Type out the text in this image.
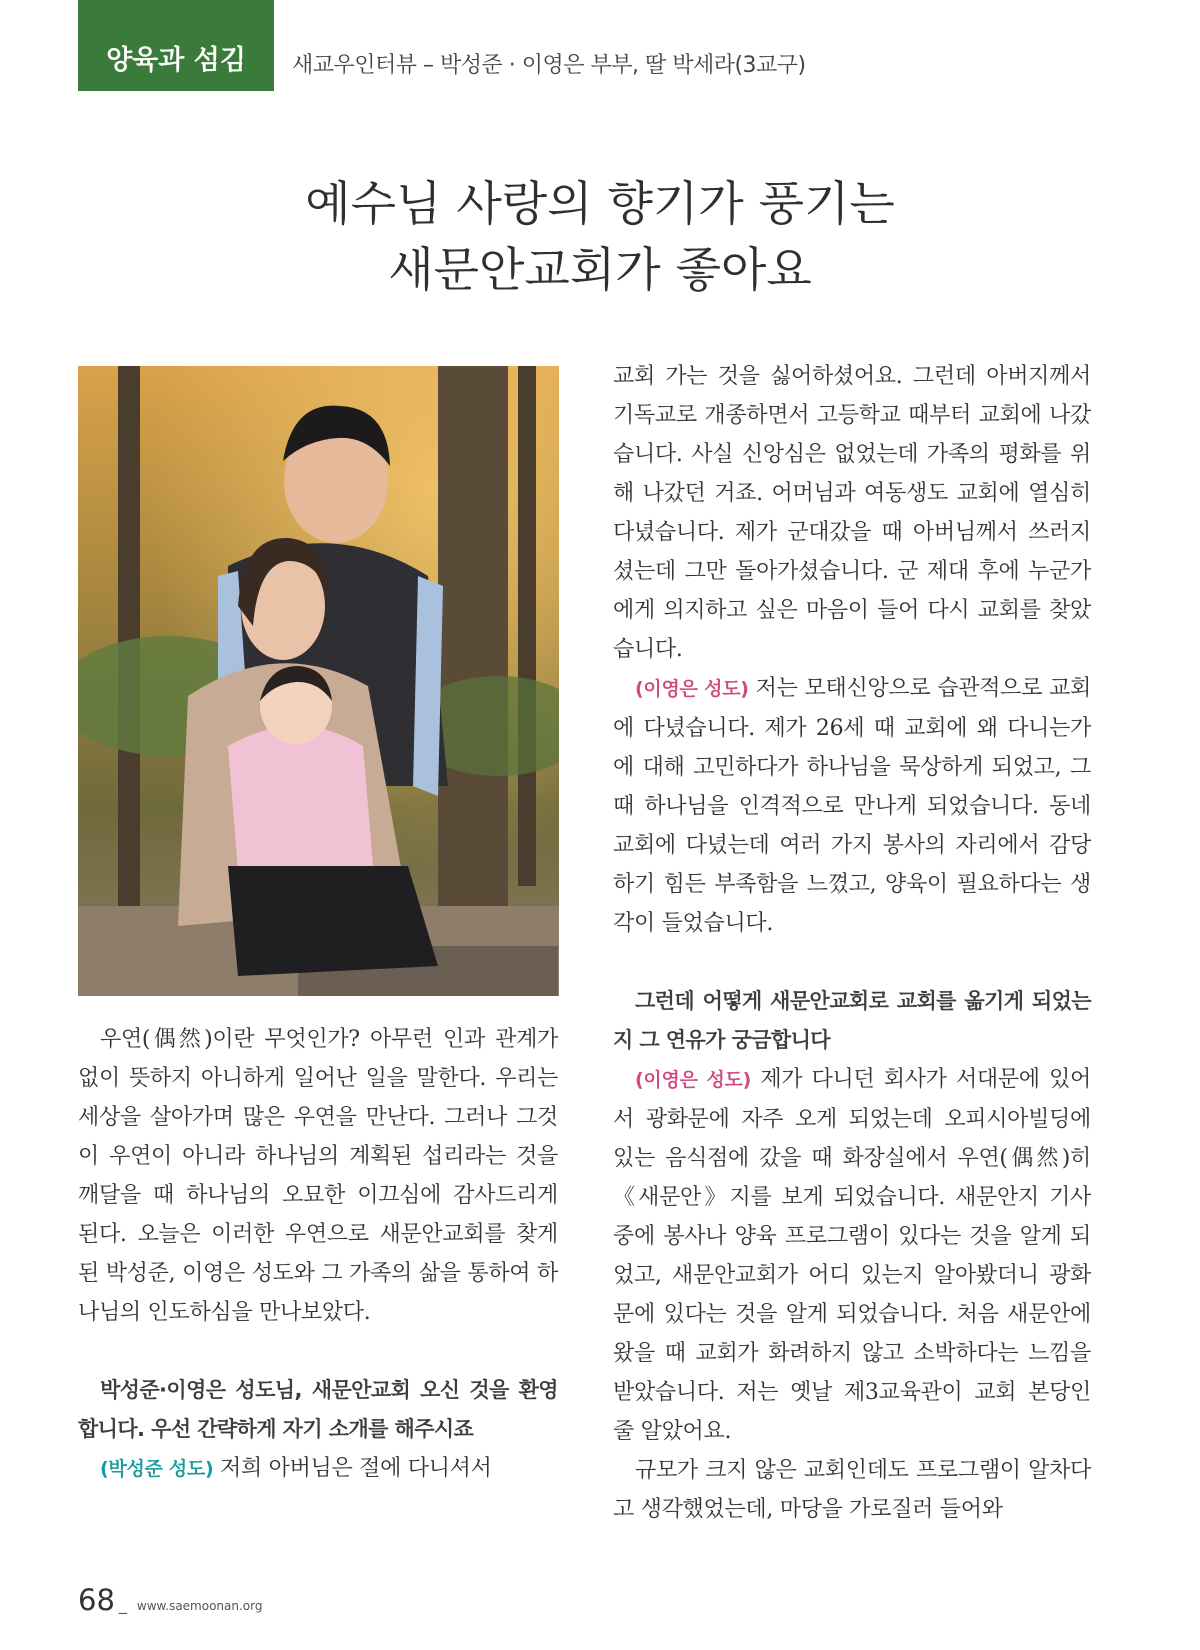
양육과 섬김	새교우인터뷰 – 박성준 · 이영은 부부, 딸 박세라(3교구)
예수님 사랑의 향기가 풍기는
새문안교회가 좋아요

교회 가는 것을 싫어하셨어요. 그런데 아버지께서 기독교로 개종하면서 고등학교 때부터 교회에 나갔습니다. 사실 신앙심은 없었는데 가족의 평화를 위해 나갔던 거죠. 어머님과 여동생도 교회에 열심히 다녔습니다. 제가 군대갔을 때 아버님께서 쓰러지셨는데 그만 돌아가셨습니다. 군 제대 후에 누군가에게 의지하고 싶은 마음이 들어 다시 교회를 찾았습니다.

(이영은 성도) 저는 모태신앙으로 습관적으로 교회에 다녔습니다. 제가 26세 때 교회에 왜 다니는가에 대해 고민하다가 하나님을 묵상하게 되었고, 그때 하나님을 인격적으로 만나게 되었습니다. 동네교회에 다녔는데 여러 가지 봉사의 자리에서 감당하기 힘든 부족함을 느꼈고, 양육이 필요하다는 생각이 들었습니다.

그런데 어떻게 새문안교회로 교회를 옮기게 되었는지 그 연유가 궁금합니다

(이영은 성도) 제가 다니던 회사가 서대문에 있어서 광화문에 자주 오게 되었는데 오피시아빌딩에 있는 음식점에 갔을 때 화장실에서 우연(偶然)히 《새문안》지를 보게 되었습니다. 새문안지 기사 중에 봉사나 양육 프로그램이 있다는 것을 알게 되었고, 새문안교회가 어디 있는지 알아봤더니 광화문에 있다는 것을 알게 되었습니다. 처음 새문안에 왔을 때 교회가 화려하지 않고 소박하다는 느낌을 받았습니다. 저는 옛날 제3교육관이 교회 본당인 줄 알았어요.

규모가 크지 않은 교회인데도 프로그램이 알차다고 생각했었는데, 마당을 가로질러 들어와

우연(偶然)이란 무엇인가? 아무런 인과 관계가 없이 뜻하지 아니하게 일어난 일을 말한다. 우리는 세상을 살아가며 많은 우연을 만난다. 그러나 그것이 우연이 아니라 하나님의 계획된 섭리라는 것을 깨달을 때 하나님의 오묘한 이끄심에 감사드리게 된다. 오늘은 이러한 우연으로 새문안교회를 찾게 된 박성준, 이영은 성도와 그 가족의 삶을 통하여 하나님의 인도하심을 만나보았다.

박성준·이영은 성도님, 새문안교회 오신 것을 환영합니다. 우선 간략하게 자기 소개를 해주시죠

(박성준 성도) 저희 아버님은 절에 다니셔서

68 _ www.saemoonan.org
